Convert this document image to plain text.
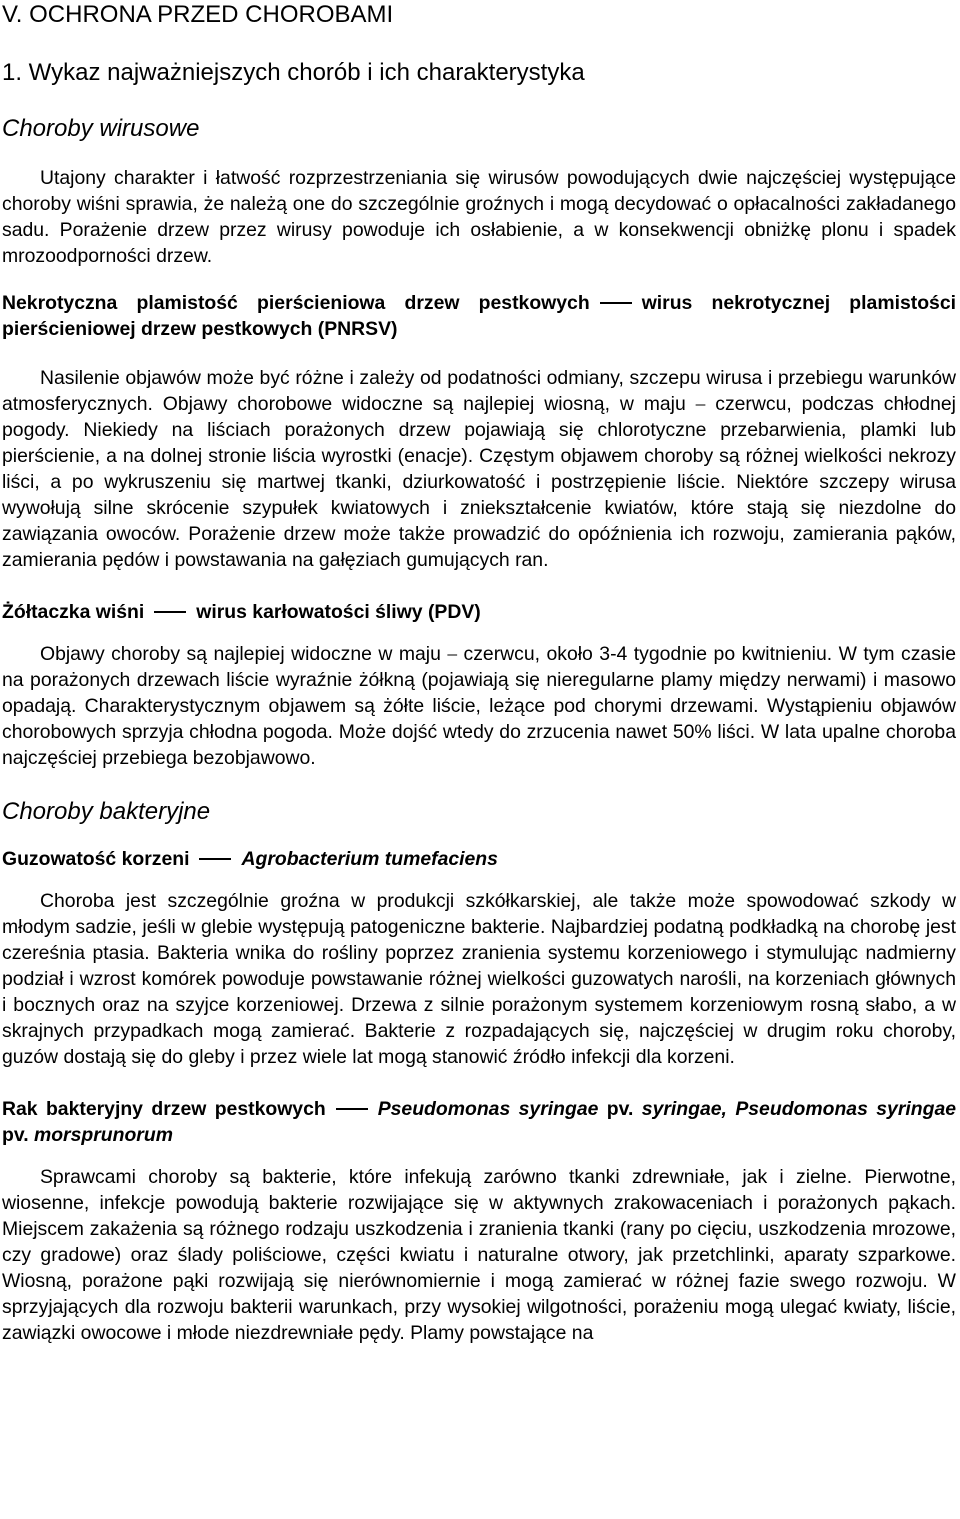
V. OCHRONA PRZED CHOROBAMI
1. Wykaz najważniejszych chorób i ich charakterystyka
Choroby wirusowe

Utajony charakter i łatwość rozprzestrzeniania się wirusów powodujących dwie najczęściej występujące choroby wiśni sprawia, że należą one do szczególnie groźnych i mogą decydować o opłacalności zakładanego sadu. Porażenie drzew przez wirusy powoduje ich osłabienie, a w konsekwencji obniżkę plonu i spadek mrozoodporności drzew.

Nekrotyczna plamistość pierścieniowa drzew pestkowych	wirus nekrotycznej plamistości pierścieniowej drzew pestkowych (PNRSV)

Nasilenie objawów może być różne i zależy od podatności odmiany, szczepu wirusa i przebiegu warunków atmosferycznych. Objawy chorobowe widoczne są najlepiej wiosną, w maju ⎯ czerwcu, podczas chłodnej pogody. Niekiedy na liściach porażonych drzew pojawiają się chlorotyczne przebarwienia, plamki lub pierścienie, a na dolnej stronie liścia wyrostki (enacje). Częstym objawem choroby są różnej wielkości nekrozy liści, a po wykruszeniu się martwej tkanki, dziurkowatość i postrzępienie liście. Niektóre szczepy wirusa wywołują silne skrócenie szypułek kwiatowych i zniekształcenie kwiatów, które stają się niezdolne do zawiązania owoców. Porażenie drzew może także prowadzić do opóźnienia ich rozwoju, zamierania pąków, zamierania pędów i powstawania na gałęziach gumujących ran.

Żółtaczka wiśni	wirus karłowatości śliwy (PDV)

Objawy choroby są najlepiej widoczne w maju ⎯ czerwcu, około 3-4 tygodnie po kwitnieniu. W tym czasie na porażonych drzewach liście wyraźnie żółkną (pojawiają się nieregularne plamy między nerwami) i masowo opadają. Charakterystycznym objawem są żółte liście, leżące pod chorymi drzewami. Wystąpieniu objawów chorobowych sprzyja chłodna pogoda. Może dojść wtedy do zrzucenia nawet 50% liści. W lata upalne choroba najczęściej przebiega bezobjawowo.

Choroby bakteryjne
Guzowatość korzeni	Agrobacterium tumefaciens

Choroba jest szczególnie groźna w produkcji szkółkarskiej, ale także może spowodować szkody w młodym sadzie, jeśli w glebie występują patogeniczne bakterie. Najbardziej podatną podkładką na chorobę jest czereśnia ptasia. Bakteria wnika do rośliny poprzez zranienia systemu korzeniowego i stymulując nadmierny podział i wzrost komórek powoduje powstawanie różnej wielkości guzowatych narośli, na korzeniach głównych i bocznych oraz na szyjce korzeniowej. Drzewa z silnie porażonym systemem korzeniowym rosną słabo, a w skrajnych przypadkach mogą zamierać. Bakterie z rozpadających się, najczęściej w drugim roku choroby, guzów dostają się do gleby i przez wiele lat mogą stanowić źródło infekcji dla korzeni.

Rak bakteryjny drzew pestkowych	Pseudomonas syringae pv. syringae, Pseudomonas syringae pv. morsprunorum

Sprawcami choroby są bakterie, które infekują zarówno tkanki zdrewniałe, jak i zielne. Pierwotne, wiosenne, infekcje powodują bakterie rozwijające się w aktywnych zrakowaceniach i porażonych pąkach. Miejscem zakażenia są różnego rodzaju uszkodzenia i zranienia tkanki (rany po cięciu, uszkodzenia mrozowe, czy gradowe) oraz ślady poliściowe, części kwiatu i naturalne otwory, jak przetchlinki, aparaty szparkowe. Wiosną, porażone pąki rozwijają się nierównomiernie i mogą zamierać w różnej fazie swego rozwoju. W sprzyjających dla rozwoju bakterii warunkach, przy wysokiej wilgotności, porażeniu mogą ulegać kwiaty, liście, zawiązki owocowe i młode niezdrewniałe pędy. Plamy powstające na
